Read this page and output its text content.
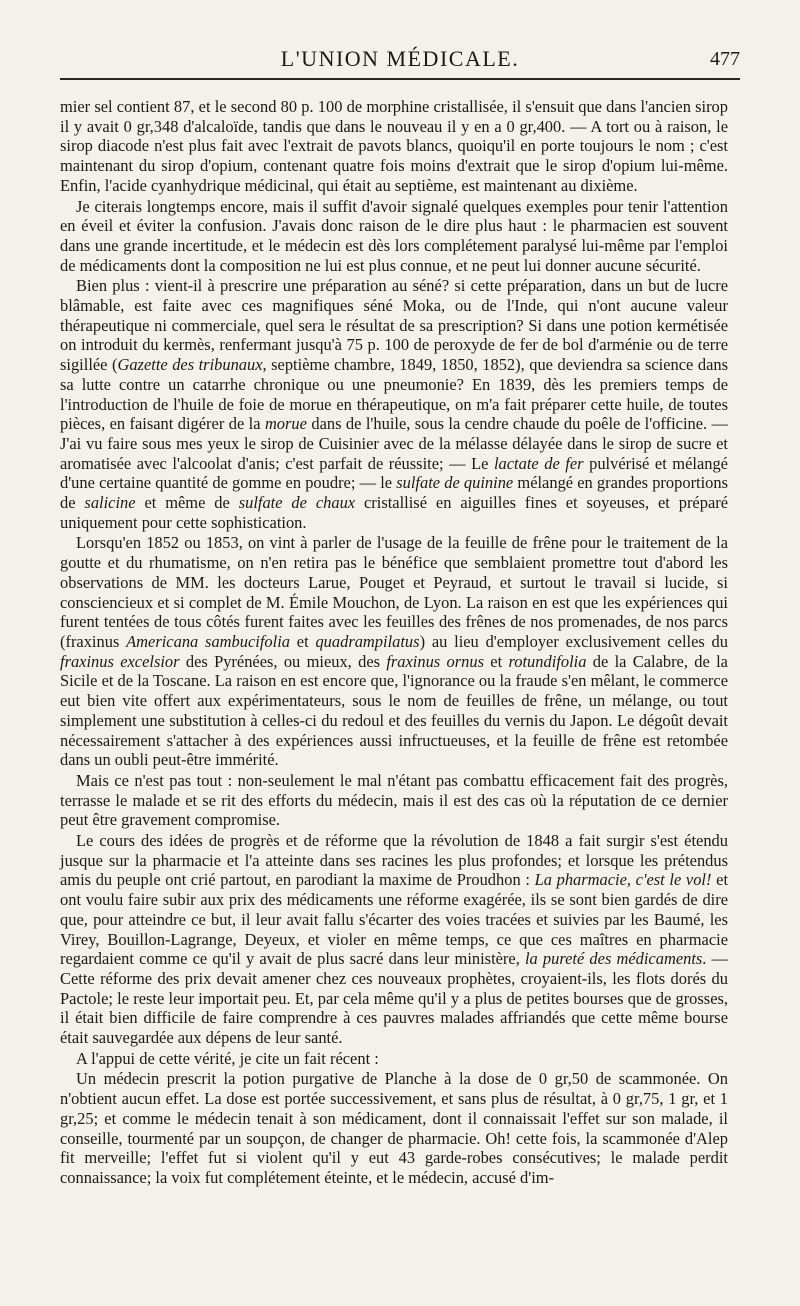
L'UNION MÉDICALE.	477

mier sel contient 87, et le second 80 p. 100 de morphine cristallisée, il s'ensuit que dans l'ancien sirop il y avait 0 gr,348 d'alcaloïde, tandis que dans le nouveau il y en a 0 gr,400. — A tort ou à raison, le sirop diacode n'est plus fait avec l'extrait de pavots blancs, quoiqu'il en porte toujours le nom ; c'est maintenant du sirop d'opium, contenant quatre fois moins d'extrait que le sirop d'opium lui-même. Enfin, l'acide cyanhydrique médicinal, qui était au septième, est maintenant au dixième.

Je citerais longtemps encore, mais il suffit d'avoir signalé quelques exemples pour tenir l'attention en éveil et éviter la confusion. J'avais donc raison de le dire plus haut : le pharmacien est souvent dans une grande incertitude, et le médecin est dès lors complétement paralysé lui-même par l'emploi de médicaments dont la composition ne lui est plus connue, et ne peut lui donner aucune sécurité.

Bien plus : vient-il à prescrire une préparation au séné? si cette préparation, dans un but de lucre blâmable, est faite avec ces magnifiques séné Moka, ou de l'Inde, qui n'ont aucune valeur thérapeutique ni commerciale, quel sera le résultat de sa prescription? Si dans une potion kermétisée on introduit du kermès, renfermant jusqu'à 75 p. 100 de peroxyde de fer de bol d'arménie ou de terre sigillée (Gazette des tribunaux, septième chambre, 1849, 1850, 1852), que deviendra sa science dans sa lutte contre un catarrhe chronique ou une pneumonie? En 1839, dès les premiers temps de l'introduction de l'huile de foie de morue en thérapeutique, on m'a fait préparer cette huile, de toutes pièces, en faisant digérer de la morue dans de l'huile, sous la cendre chaude du poêle de l'officine. — J'ai vu faire sous mes yeux le sirop de Cuisinier avec de la mélasse délayée dans le sirop de sucre et aromatisée avec l'alcoolat d'anis; c'est parfait de réussite; — Le lactate de fer pulvérisé et mélangé d'une certaine quantité de gomme en poudre; — le sulfate de quinine mélangé en grandes proportions de salicine et même de sulfate de chaux cristallisé en aiguilles fines et soyeuses, et préparé uniquement pour cette sophistication.

Lorsqu'en 1852 ou 1853, on vint à parler de l'usage de la feuille de frêne pour le traitement de la goutte et du rhumatisme, on n'en retira pas le bénéfice que semblaient promettre tout d'abord les observations de MM. les docteurs Larue, Pouget et Peyraud, et surtout le travail si lucide, si consciencieux et si complet de M. Émile Mouchon, de Lyon. La raison en est que les expériences qui furent tentées de tous côtés furent faites avec les feuilles des frênes de nos promenades, de nos parcs (fraxinus Americana sambucifolia et quadrampilatus) au lieu d'employer exclusivement celles du fraxinus excelsior des Pyrénées, ou mieux, des fraxinus ornus et rotundifolia de la Calabre, de la Sicile et de la Toscane. La raison en est encore que, l'ignorance ou la fraude s'en mêlant, le commerce eut bien vite offert aux expérimentateurs, sous le nom de feuilles de frêne, un mélange, ou tout simplement une substitution à celles-ci du redoul et des feuilles du vernis du Japon. Le dégoût devait nécessairement s'attacher à des expériences aussi infructueuses, et la feuille de frêne est retombée dans un oubli peut-être immérité.

Mais ce n'est pas tout : non-seulement le mal n'étant pas combattu efficacement fait des progrès, terrasse le malade et se rit des efforts du médecin, mais il est des cas où la réputation de ce dernier peut être gravement compromise.

Le cours des idées de progrès et de réforme que la révolution de 1848 a fait surgir s'est étendu jusque sur la pharmacie et l'a atteinte dans ses racines les plus profondes; et lorsque les prétendus amis du peuple ont crié partout, en parodiant la maxime de Proudhon : La pharmacie, c'est le vol! et ont voulu faire subir aux prix des médicaments une réforme exagérée, ils se sont bien gardés de dire que, pour atteindre ce but, il leur avait fallu s'écarter des voies tracées et suivies par les Baumé, les Virey, Bouillon-Lagrange, Deyeux, et violer en même temps, ce que ces maîtres en pharmacie regardaient comme ce qu'il y avait de plus sacré dans leur ministère, la pureté des médicaments. — Cette réforme des prix devait amener chez ces nouveaux prophètes, croyaient-ils, les flots dorés du Pactole; le reste leur importait peu. Et, par cela même qu'il y a plus de petites bourses que de grosses, il était bien difficile de faire comprendre à ces pauvres malades affriandés que cette même bourse était sauvegardée aux dépens de leur santé.

A l'appui de cette vérité, je cite un fait récent :

Un médecin prescrit la potion purgative de Planche à la dose de 0 gr,50 de scammonée. On n'obtient aucun effet. La dose est portée successivement, et sans plus de résultat, à 0 gr,75, 1 gr, et 1 gr,25; et comme le médecin tenait à son médicament, dont il connaissait l'effet sur son malade, il conseille, tourmenté par un soupçon, de changer de pharmacie. Oh! cette fois, la scammonée d'Alep fit merveille; l'effet fut si violent qu'il y eut 43 garde-robes consécutives; le malade perdit connaissance; la voix fut complétement éteinte, et le médecin, accusé d'im-
